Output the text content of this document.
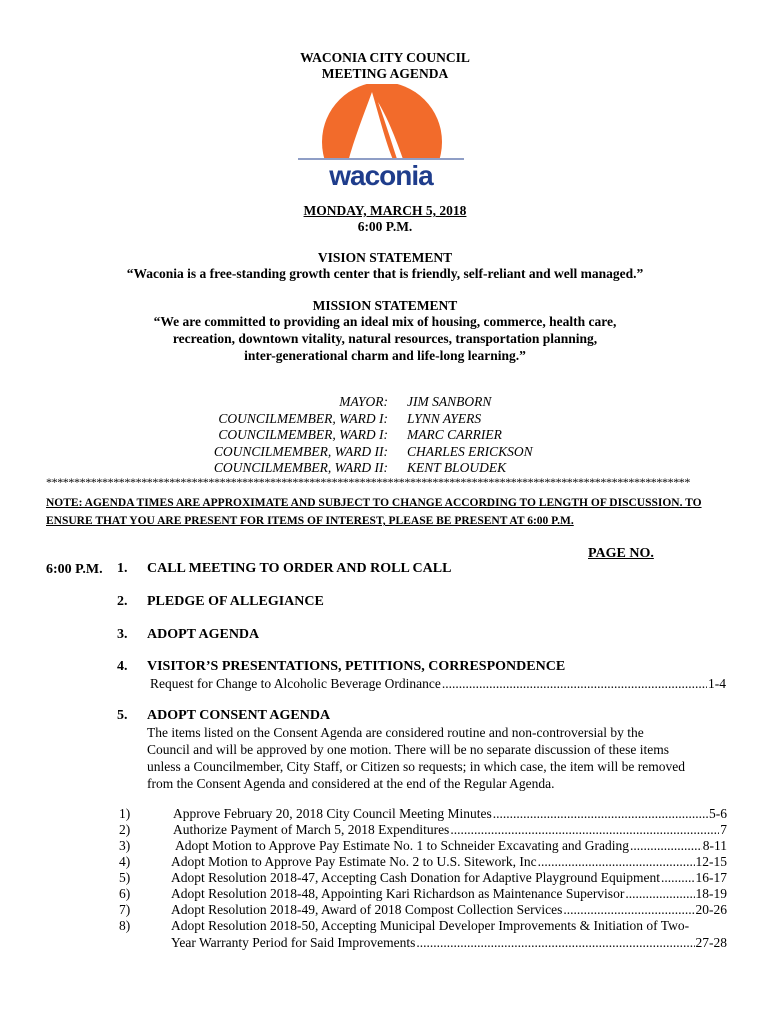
WACONIA CITY COUNCIL
MEETING AGENDA
waconia
MONDAY, MARCH 5, 2018
6:00 P.M.
VISION STATEMENT
“Waconia is a free-standing growth center that is friendly, self-reliant and well managed.”
MISSION STATEMENT
“We are committed to providing an ideal mix of housing, commerce, health care,
recreation, downtown vitality, natural resources, transportation planning,
inter-generational charm and life-long learning.”
MAYOR: JIM SANBORN
COUNCILMEMBER, WARD I: LYNN AYERS
COUNCILMEMBER, WARD I: MARC CARRIER
COUNCILMEMBER, WARD II: CHARLES ERICKSON
COUNCILMEMBER, WARD II: KENT BLOUDEK
*******************************************************************************************************************
NOTE: AGENDA TIMES ARE APPROXIMATE AND SUBJECT TO CHANGE ACCORDING TO LENGTH OF DISCUSSION. TO
ENSURE THAT YOU ARE PRESENT FOR ITEMS OF INTEREST, PLEASE BE PRESENT AT 6:00 P.M.
PAGE NO.
6:00 P.M. 1. CALL MEETING TO ORDER AND ROLL CALL
2. PLEDGE OF ALLEGIANCE
3. ADOPT AGENDA
4. VISITOR’S PRESENTATIONS, PETITIONS, CORRESPONDENCE
Request for Change to Alcoholic Beverage Ordinance .....	1-4
5. ADOPT CONSENT AGENDA
The items listed on the Consent Agenda are considered routine and non-controversial by the
Council and will be approved by one motion. There will be no separate discussion of these items
unless a Councilmember, City Staff, or Citizen so requests; in which case, the item will be removed
from the Consent Agenda and considered at the end of the Regular Agenda.
1)	Approve February 20, 2018 City Council Meeting Minutes .....	5-6
2)	Authorize Payment of March 5, 2018 Expenditures .....	7
3)	Adopt Motion to Approve Pay Estimate No. 1 to Schneider Excavating and Grading .....	8-11
4)	Adopt Motion to Approve Pay Estimate No. 2 to U.S. Sitework, Inc .....	12-15
5)	Adopt Resolution 2018-47, Accepting Cash Donation for Adaptive Playground Equipment .....	16-17
6)	Adopt Resolution 2018-48, Appointing Kari Richardson as Maintenance Supervisor .....	18-19
7)	Adopt Resolution 2018-49, Award of 2018 Compost Collection Services .....	20-26
8)	Adopt Resolution 2018-50, Accepting Municipal Developer Improvements & Initiation of Two-
Year Warranty Period for Said Improvements .....	27-28
